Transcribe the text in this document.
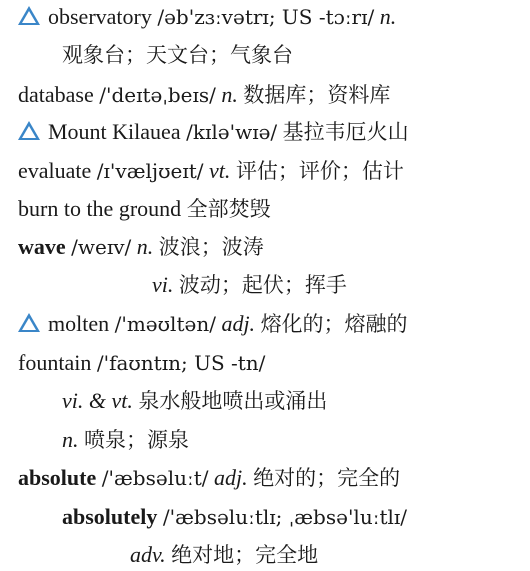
observatory /əb'zɜːvətrɪ; US -tɔːrɪ/ n.
观象台；天文台；气象台
database /'deɪtəˌbeɪs/ n. 数据库；资料库
Mount Kilauea /kɪlə'wɪə/ 基拉韦厄火山
evaluate /ɪ'væljʊeɪt/ vt. 评估；评价；估计
burn to the ground 全部焚毁
wave /weɪv/ n. 波浪；波涛
vi. 波动；起伏；挥手
molten /'məʊltən/ adj. 熔化的；熔融的
fountain /'faʊntɪn; US -tn/
vi. & vt. 泉水般地喷出或涌出
n. 喷泉；源泉
absolute /'æbsəluːt/ adj. 绝对的；完全的
absolutely /'æbsəluːtlɪ; ˌæbsə'luːtlɪ/
adv. 绝对地；完全地
